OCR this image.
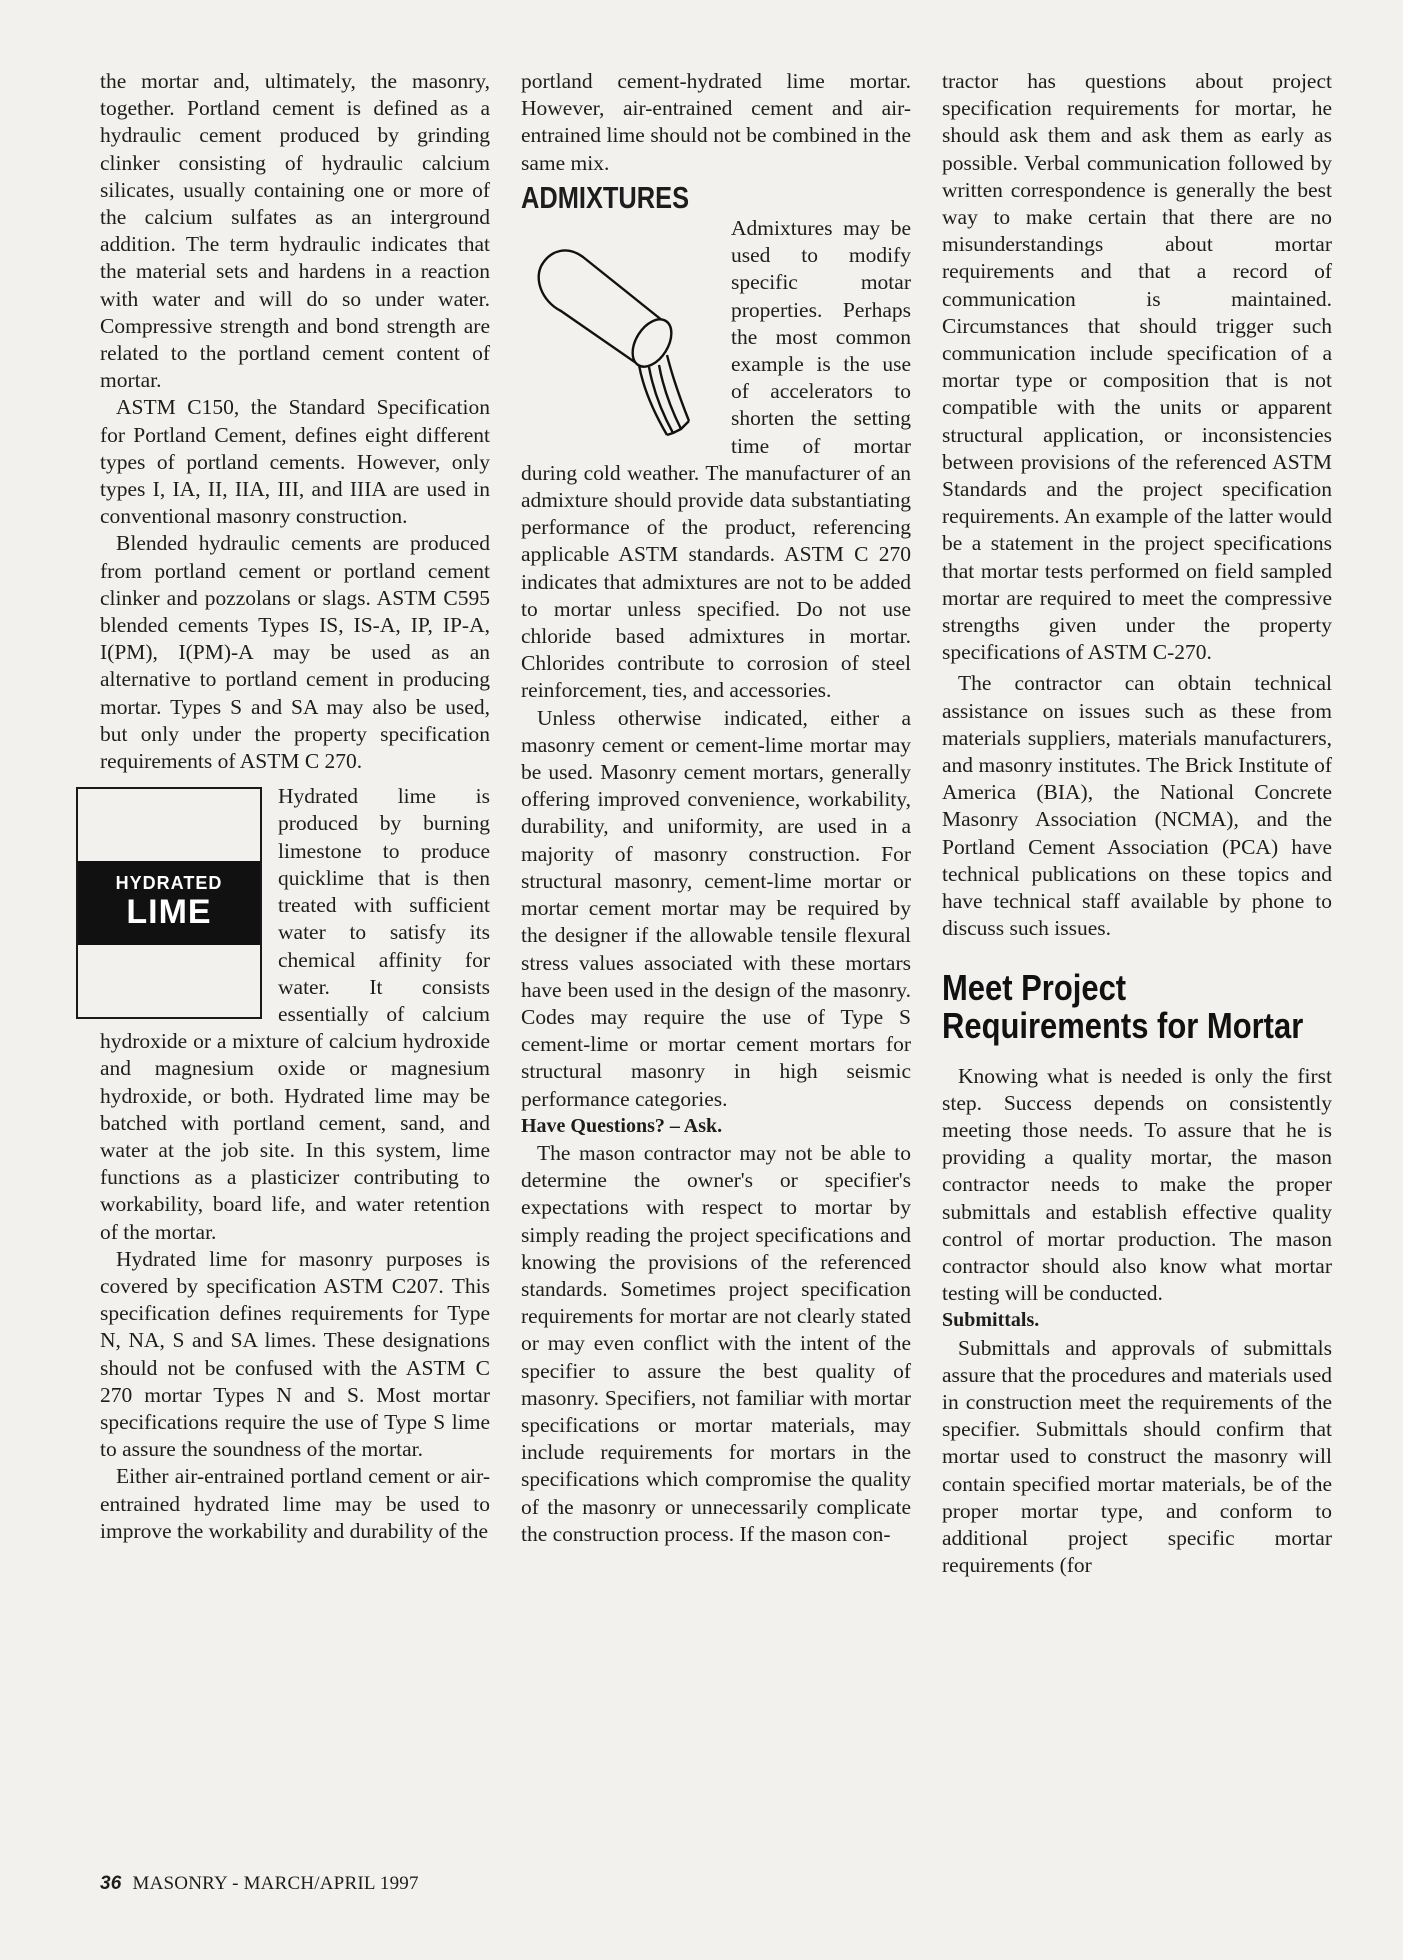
the mortar and, ultimately, the masonry, together. Portland cement is defined as a hydraulic cement produced by grinding clinker consisting of hydraulic calcium silicates, usually containing one or more of the calcium sulfates as an interground addition. The term hydraulic indicates that the material sets and hardens in a reaction with water and will do so under water. Compressive strength and bond strength are related to the portland cement content of mortar.

ASTM C150, the Standard Specification for Portland Cement, defines eight different types of portland cements. However, only types I, IA, II, IIA, III, and IIIA are used in conventional masonry construction.

Blended hydraulic cements are produced from portland cement or portland cement clinker and pozzolans or slags. ASTM C595 blended cements Types IS, IS-A, IP, IP-A, I(PM), I(PM)-A may be used as an alternative to portland cement in producing mortar. Types S and SA may also be used, but only under the property specification requirements of ASTM C 270.

HYDRATED
LIME

Hydrated lime is produced by burning limestone to produce quicklime that is then treated with sufficient water to satisfy its chemical affinity for water. It consists essentially of calcium hydroxide or a mixture of calcium hydroxide and magnesium oxide or magnesium hydroxide, or both. Hydrated lime may be batched with portland cement, sand, and water at the job site. In this system, lime functions as a plasticizer contributing to workability, board life, and water retention of the mortar.

Hydrated lime for masonry purposes is covered by specification ASTM C207. This specification defines requirements for Type N, NA, S and SA limes. These designations should not be confused with the ASTM C 270 mortar Types N and S. Most mortar specifications require the use of Type S lime to assure the soundness of the mortar.

Either air-entrained portland cement or air-entrained hydrated lime may be used to improve the workability and durability of the

portland cement-hydrated lime mortar. However, air-entrained cement and air-entrained lime should not be combined in the same mix.

ADMIXTURES

Admixtures may be used to modify specific motar properties. Perhaps the most common example is the use of accelerators to shorten the setting time of mortar during cold weather. The manufacturer of an admixture should provide data substantiating performance of the product, referencing applicable ASTM standards. ASTM C 270 indicates that admixtures are not to be added to mortar unless specified. Do not use chloride based admixtures in mortar. Chlorides contribute to corrosion of steel reinforcement, ties, and accessories.

Unless otherwise indicated, either a masonry cement or cement-lime mortar may be used. Masonry cement mortars, generally offering improved convenience, workability, durability, and uniformity, are used in a majority of masonry construction. For structural masonry, cement-lime mortar or mortar cement mortar may be required by the designer if the allowable tensile flexural stress values associated with these mortars have been used in the design of the masonry. Codes may require the use of Type S cement-lime or mortar cement mortars for structural masonry in high seismic performance categories.

Have Questions? – Ask.

The mason contractor may not be able to determine the owner's or specifier's expectations with respect to mortar by simply reading the project specifications and knowing the provisions of the referenced standards. Sometimes project specification requirements for mortar are not clearly stated or may even conflict with the intent of the specifier to assure the best quality of masonry. Specifiers, not familiar with mortar specifications or mortar materials, may include requirements for mortars in the specifications which compromise the quality of the masonry or unnecessarily complicate the construction process. If the mason con-

tractor has questions about project specification requirements for mortar, he should ask them and ask them as early as possible. Verbal communication followed by written correspondence is generally the best way to make certain that there are no misunderstandings about mortar requirements and that a record of communication is maintained. Circumstances that should trigger such communication include specification of a mortar type or composition that is not compatible with the units or apparent structural application, or inconsistencies between provisions of the referenced ASTM Standards and the project specification requirements. An example of the latter would be a statement in the project specifications that mortar tests performed on field sampled mortar are required to meet the compressive strengths given under the property specifications of ASTM C-270.

The contractor can obtain technical assistance on issues such as these from materials suppliers, materials manufacturers, and masonry institutes. The Brick Institute of America (BIA), the National Concrete Masonry Association (NCMA), and the Portland Cement Association (PCA) have technical publications on these topics and have technical staff available by phone to discuss such issues.

Meet Project
Requirements for Mortar

Knowing what is needed is only the first step. Success depends on consistently meeting those needs. To assure that he is providing a quality mortar, the mason contractor needs to make the proper submittals and establish effective quality control of mortar production. The mason contractor should also know what mortar testing will be conducted.

Submittals.

Submittals and approvals of submittals assure that the procedures and materials used in construction meet the requirements of the specifier. Submittals should confirm that mortar used to construct the masonry will contain specified mortar materials, be of the proper mortar type, and conform to additional project specific mortar requirements (for

36 MASONRY - MARCH/APRIL 1997
